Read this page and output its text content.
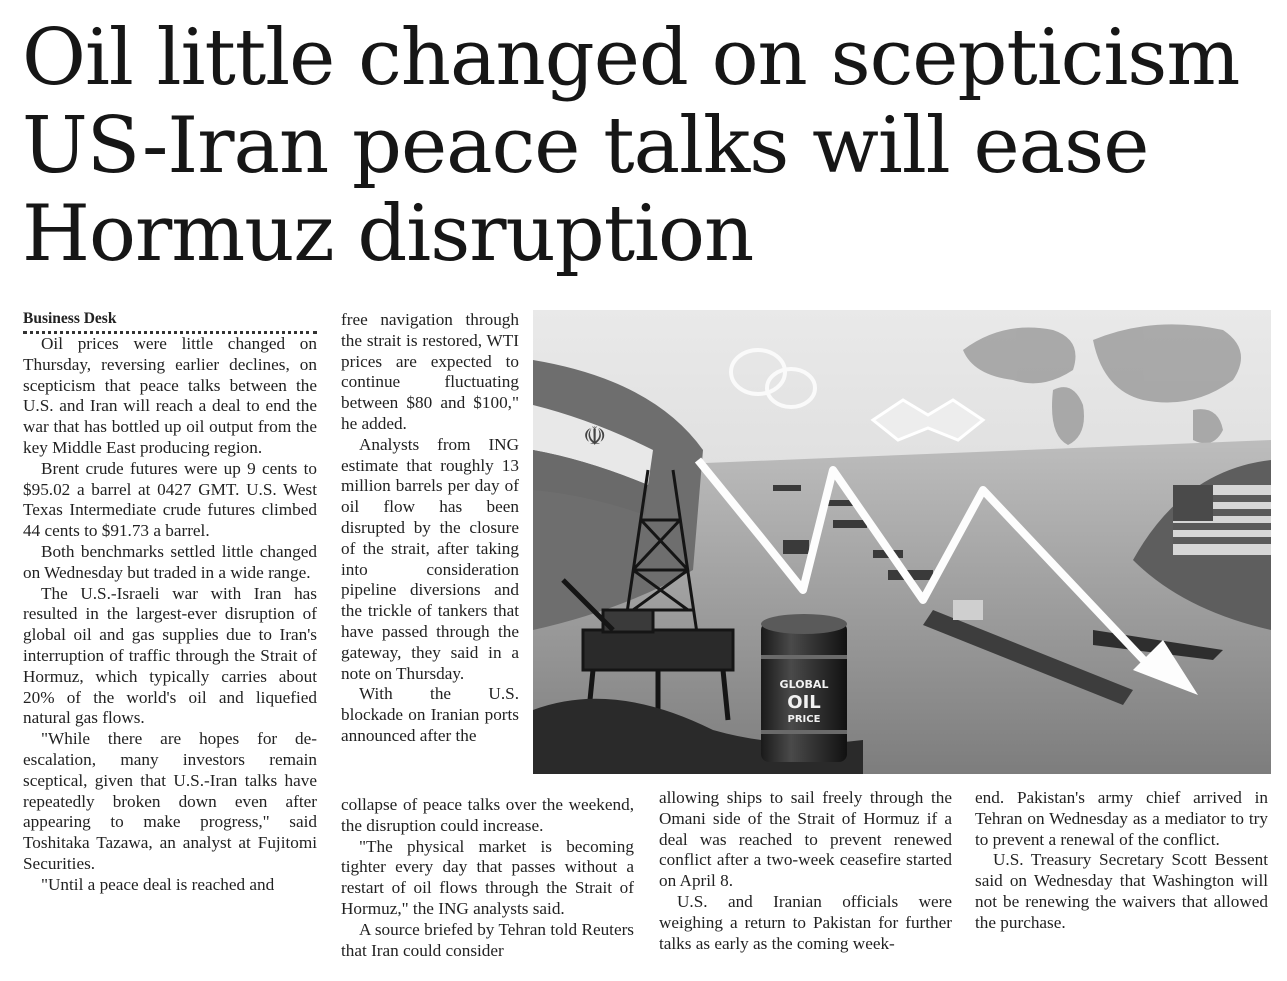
Oil little changed on scepticism US-Iran peace talks will ease Hormuz disruption

Business Desk

Oil prices were little changed on Thursday, reversing earlier declines, on scepticism that peace talks between the U.S. and Iran will reach a deal to end the war that has bottled up oil output from the key Middle East producing region.

Brent crude futures were up 9 cents to $95.02 a barrel at 0427 GMT. U.S. West Texas Intermediate crude futures climbed 44 cents to $91.73 a barrel.

Both benchmarks settled little changed on Wednesday but traded in a wide range.

The U.S.-Israeli war with Iran has resulted in the largest-ever disruption of global oil and gas supplies due to Iran's interruption of traffic through the Strait of Hormuz, which typically carries about 20% of the world's oil and liquefied natural gas flows.

"While there are hopes for de-escalation, many investors remain sceptical, given that U.S.-Iran talks have repeatedly broken down even after appearing to make progress," said Toshitaka Tazawa, an analyst at Fujitomi Securities.

"Until a peace deal is reached and

free navigation through the strait is restored, WTI prices are expected to continue fluctuating between $80 and $100," he added.

Analysts from ING estimate that roughly 13 million barrels per day of oil flow has been disrupted by the closure of the strait, after taking into consideration pipeline diversions and the trickle of tankers that have passed through the gateway, they said in a note on Thursday.

With the U.S. blockade on Iranian ports announced after the

collapse of peace talks over the weekend, the disruption could increase.

"The physical market is becoming tighter every day that passes without a restart of oil flows through the Strait of Hormuz," the ING analysts said.

A source briefed by Tehran told Reuters that Iran could consider

allowing ships to sail freely through the Omani side of the Strait of Hormuz if a deal was reached to prevent renewed conflict after a two-week ceasefire started on April 8.

U.S. and Iranian officials were weighing a return to Pakistan for further talks as early as the coming week-

end. Pakistan's army chief arrived in Tehran on Wednesday as a mediator to try to prevent a renewal of the conflict.

U.S. Treasury Secretary Scott Bessent said on Wednesday that Washington will not be renewing the waivers that allowed the purchase.

☫
GLOBAL
OIL
PRICE
